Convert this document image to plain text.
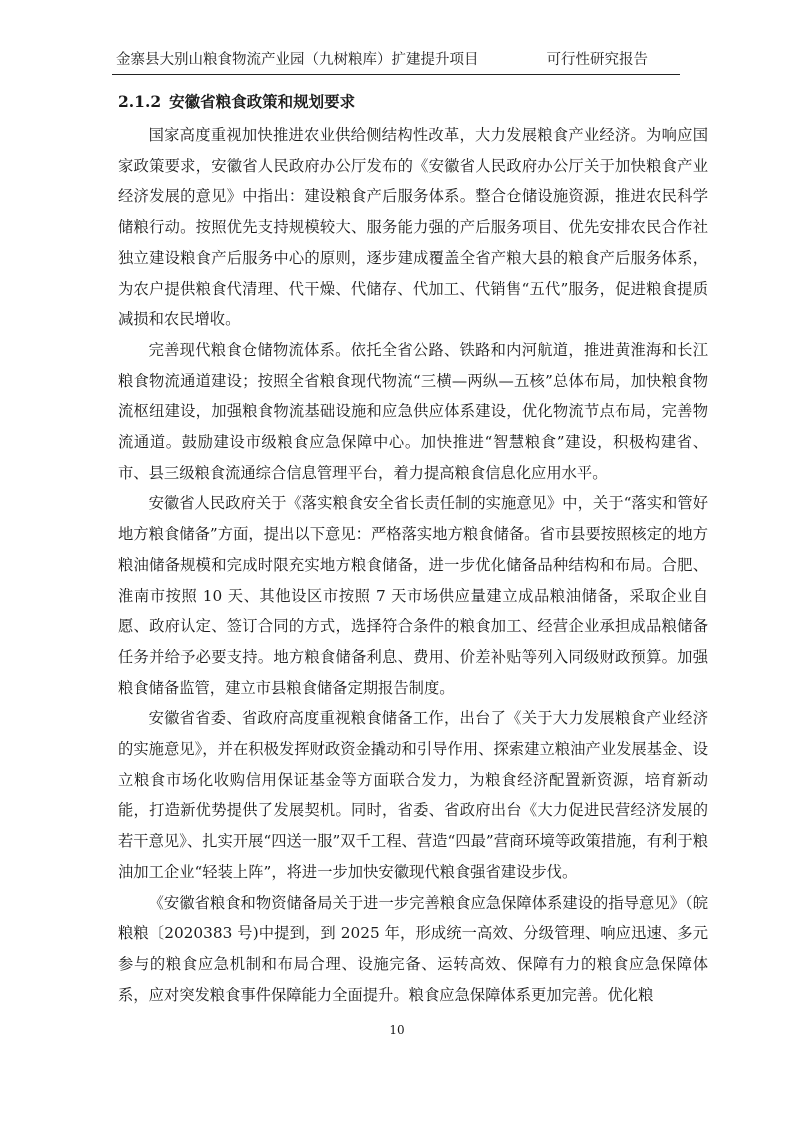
金寨县大别山粮食物流产业园（九树粮库）扩建提升项目	可行性研究报告
2.1.2 安徽省粮食政策和规划要求

国家高度重视加快推进农业供给侧结构性改革，大力发展粮食产业经济。为响应国家政策要求，安徽省人民政府办公厅发布的《安徽省人民政府办公厅关于加快粮食产业经济发展的意见》中指出：建设粮食产后服务体系。整合仓储设施资源，推进农民科学储粮行动。按照优先支持规模较大、服务能力强的产后服务项目、优先安排农民合作社独立建设粮食产后服务中心的原则，逐步建成覆盖全省产粮大县的粮食产后服务体系，为农户提供粮食代清理、代干燥、代储存、代加工、代销售“五代”服务，促进粮食提质减损和农民增收。

完善现代粮食仓储物流体系。依托全省公路、铁路和内河航道，推进黄淮海和长江粮食物流通道建设；按照全省粮食现代物流“三横—两纵—五核”总体布局，加快粮食物流枢纽建设，加强粮食物流基础设施和应急供应体系建设，优化物流节点布局，完善物流通道。鼓励建设市级粮食应急保障中心。加快推进“智慧粮食”建设，积极构建省、市、县三级粮食流通综合信息管理平台，着力提高粮食信息化应用水平。

安徽省人民政府关于《落实粮食安全省长责任制的实施意见》中，关于“落实和管好地方粮食储备”方面，提出以下意见：严格落实地方粮食储备。省市县要按照核定的地方粮油储备规模和完成时限充实地方粮食储备，进一步优化储备品种结构和布局。合肥、淮南市按照 10 天、其他设区市按照 7 天市场供应量建立成品粮油储备，采取企业自愿、政府认定、签订合同的方式，选择符合条件的粮食加工、经营企业承担成品粮储备任务并给予必要支持。地方粮食储备利息、费用、价差补贴等列入同级财政预算。加强粮食储备监管，建立市县粮食储备定期报告制度。

安徽省省委、省政府高度重视粮食储备工作，出台了《关于大力发展粮食产业经济的实施意见》，并在积极发挥财政资金撬动和引导作用、探索建立粮油产业发展基金、设立粮食市场化收购信用保证基金等方面联合发力，为粮食经济配置新资源，培育新动能，打造新优势提供了发展契机。同时，省委、省政府出台《大力促进民营经济发展的若干意见》、扎实开展“四送一服”双千工程、营造“四最”营商环境等政策措施，有利于粮油加工企业“轻装上阵”，将进一步加快安徽现代粮食强省建设步伐。

《安徽省粮食和物资储备局关于进一步完善粮食应急保障体系建设的指导意见》（皖粮粮〔2020383 号)中提到，到 2025 年，形成统一高效、分级管理、响应迅速、多元参与的粮食应急机制和布局合理、设施完备、运转高效、保障有力的粮食应急保障体系，应对突发粮食事件保障能力全面提升。粮食应急保障体系更加完善。优化粮

10
